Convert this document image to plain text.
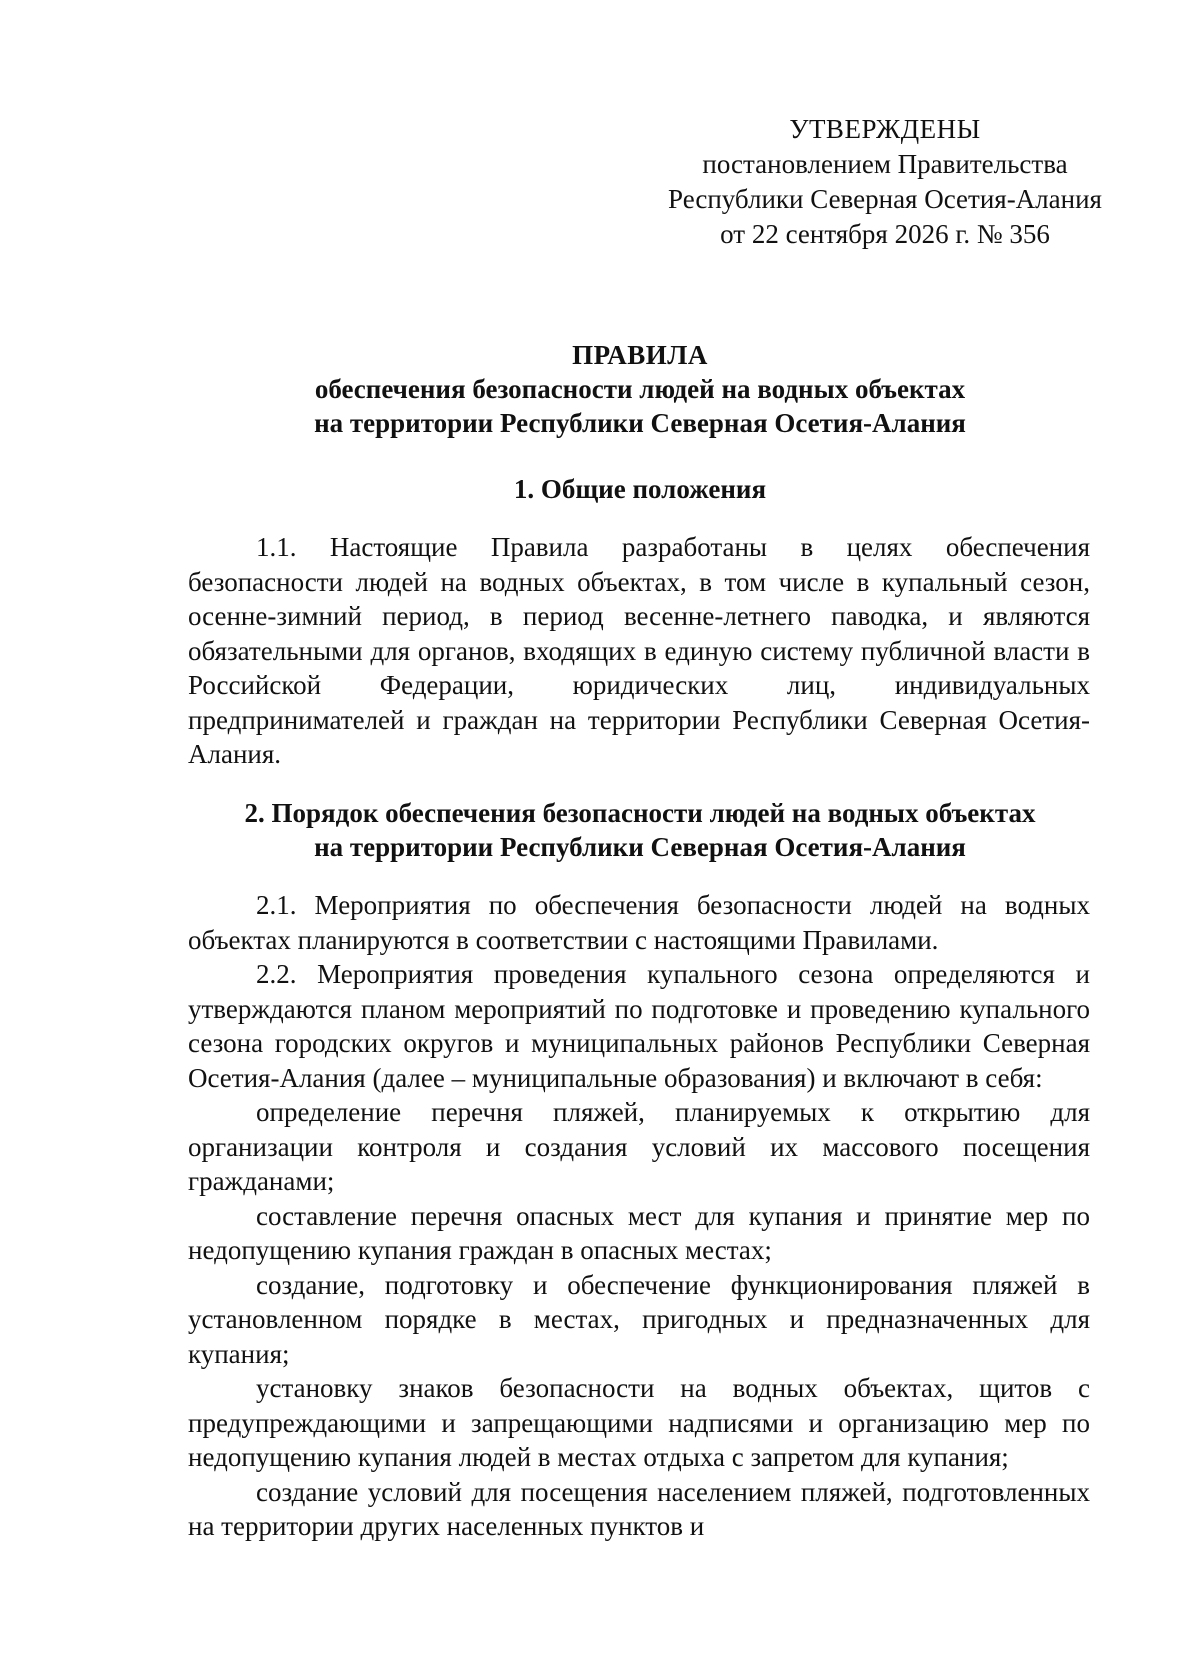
УТВЕРЖДЕНЫ
постановлением Правительства
Республики Северная Осетия-Алания
от 22 сентября 2026 г. № 356
ПРАВИЛА
обеспечения безопасности людей на водных объектах
на территории Республики Северная Осетия-Алания
1. Общие положения

1.1. Настоящие Правила разработаны в целях обеспечения безопасности людей на водных объектах, в том числе в купальный сезон, осенне-зимний период, в период весенне-летнего паводка, и являются обязательными для органов, входящих в единую систему публичной власти в Российской Федерации, юридических лиц, индивидуальных предпринимателей и граждан на территории Республики Северная Осетия-Алания.

2. Порядок обеспечения безопасности людей на водных объектах
на территории Республики Северная Осетия-Алания

2.1. Мероприятия по обеспечения безопасности людей на водных объектах планируются в соответствии с настоящими Правилами.

2.2. Мероприятия проведения купального сезона определяются и утверждаются планом мероприятий по подготовке и проведению купального сезона городских округов и муниципальных районов Республики Северная Осетия-Алания (далее – муниципальные образования) и включают в себя:

определение перечня пляжей, планируемых к открытию для организации контроля и создания условий их массового посещения гражданами;

составление перечня опасных мест для купания и принятие мер по недопущению купания граждан в опасных местах;

создание, подготовку и обеспечение функционирования пляжей в установленном порядке в местах, пригодных и предназначенных для купания;

установку знаков безопасности на водных объектах, щитов с предупреждающими и запрещающими надписями и организацию мер по недопущению купания людей в местах отдыха с запретом для купания;

создание условий для посещения населением пляжей, подготовленных на территории других населенных пунктов и
